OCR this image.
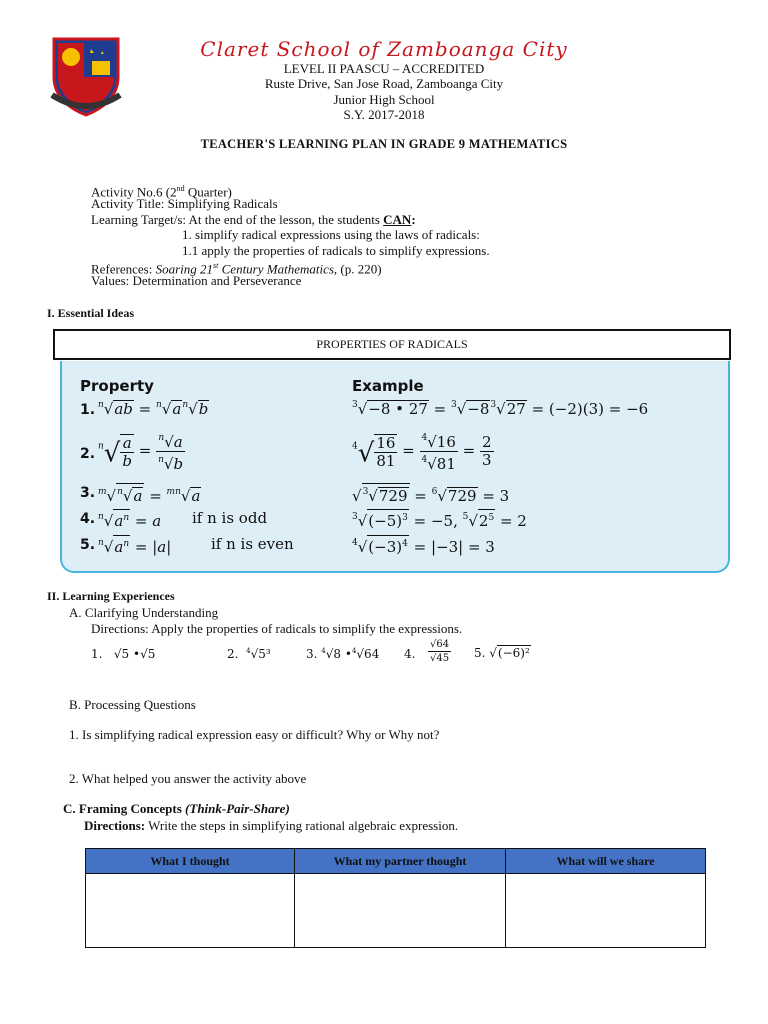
Claret School of Zamboanga City
LEVEL II PAASCU – ACCREDITED
Ruste Drive, San Jose Road, Zamboanga City
Junior High School
S.Y. 2017-2018
TEACHER'S LEARNING PLAN IN GRADE 9 MATHEMATICS
Activity No.6 (2nd Quarter)
Activity Title: Simplifying Radicals
Learning Target/s: At the end of the lesson, the students CAN:
1. simplify radical expressions using the laws of radicals:
1.1 apply the properties of radicals to simplify expressions.
References: Soaring 21st Century Mathematics, (p. 220)
Values: Determination and Perseverance
I. Essential Ideas
PROPERTIES OF RADICALS
Property	Example
1. $^n√ab = ^n√a^n√b$	$^3$√−8 • $27 = ^3√-8^3√27 = (-2)(3) = -6$
2. $^n√ \frac{a}{b} = \frac{^n√a}{^n√b}$	$^4√ \frac{16}{81} = \frac{^4√16}{^4√81} = \frac{2}{3}$
3. $^m$√$^n$√a = $^{mn}$√a	√$^3$√729 = $^6$√729 = 3
4. $^n√a^n = a$ if n is odd	$^3√(-5)^3 = -5$, $^5√2^5 = 2$
5. $^n√a^n = |a|$	if n is even	$^4√(-3)^4 = |-3| = 3$
II. Learning Experiences
A. Clarifying Understanding
Directions: Apply the properties of radicals to simplify the expressions.
1.   √5 •√5	2. $^4$√5³	3. $^4$√8 •$^4$√64 4. $\frac{√64}{√45} 5$. √(−6)²
B. Processing Questions
1. Is simplifying radical expression easy or difficult? Why or Why not?
2. What helped you answer the activity above
C. Framing Concepts (Think-Pair-Share)
Directions: Write the steps in simplifying rational algebraic expression.
What I thought	What my partner thought	What will we share
